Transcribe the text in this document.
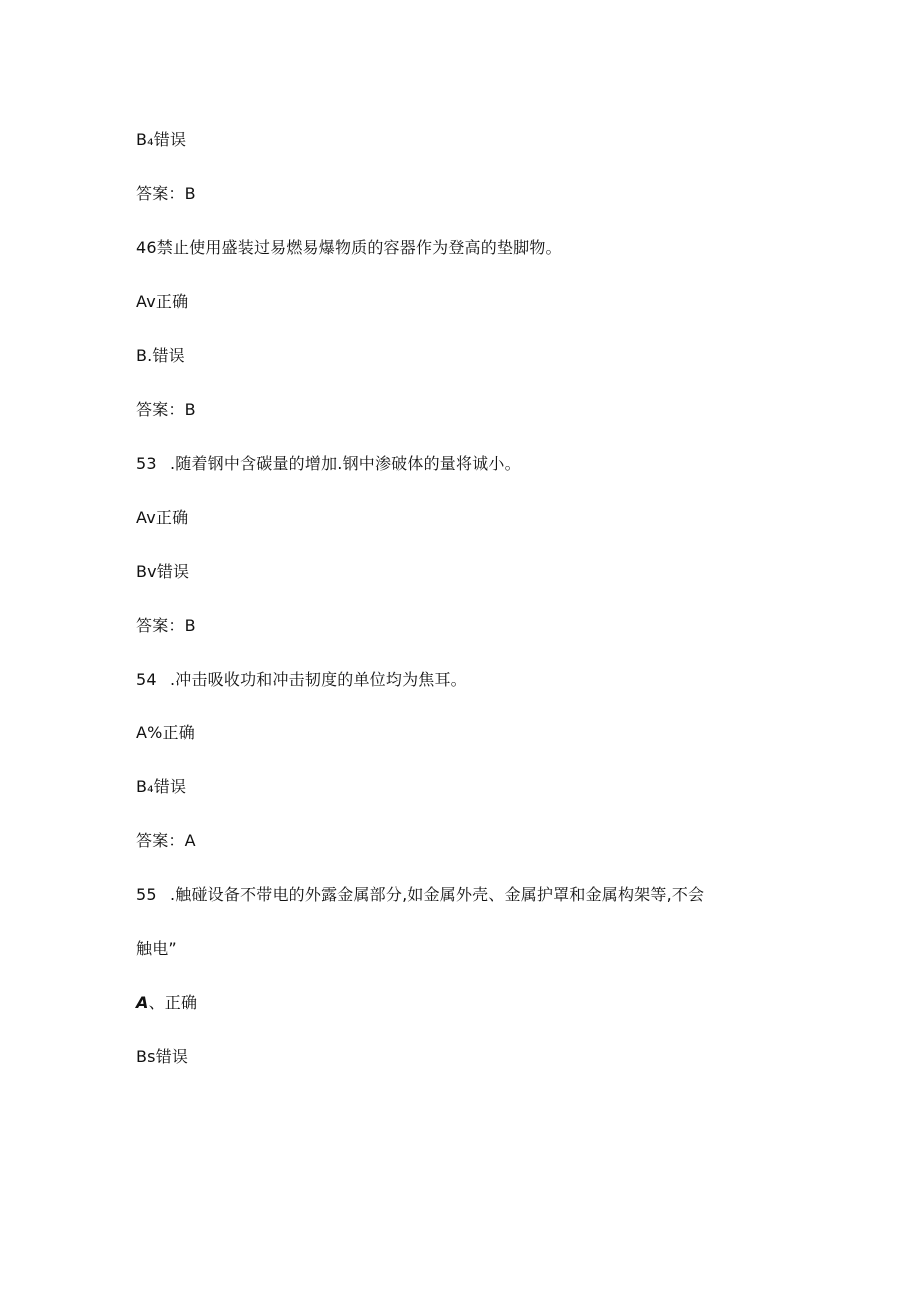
B₄错误
答案：B
46禁止使用盛装过易燃易爆物质的容器作为登高的垫脚物。
Av正确
B.错误
答案：B
53 .随着钢中含碳量的增加.钢中渗破体的量将诚小。
Av正确
Bv错误
答案：B
54 .冲击吸收功和冲击韧度的单位均为焦耳。
A%正确
B₄错误
答案：A
55 .触碰设备不带电的外露金属部分,如金属外壳、金属护罩和金属构架等,不会
触电”
A、正确
Bs错误
